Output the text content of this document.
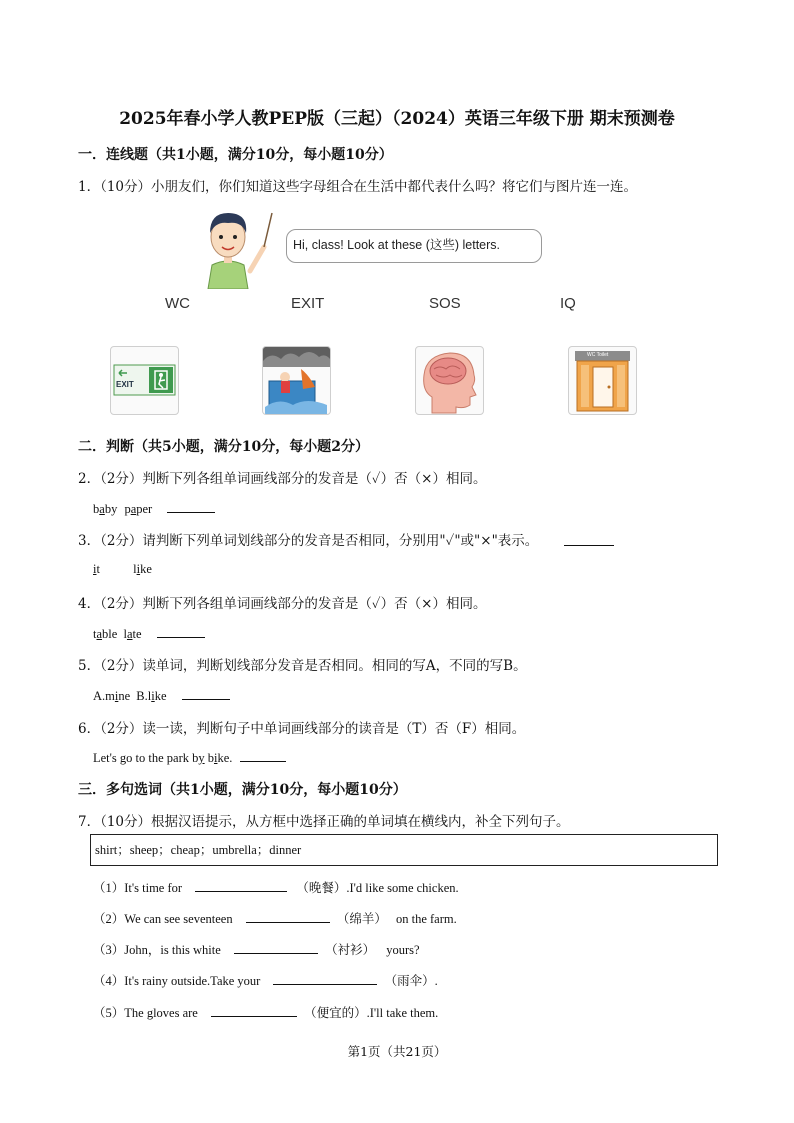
2025年春小学人教PEP版（三起）（2024）英语三年级下册 期末预测卷
一．连线题（共1小题，满分10分，每小题10分）
1．（10分）小朋友们，你们知道这些字母组合在生活中都代表什么吗？将它们与图片连一连。
Hi, class! Look at these (这些) letters.
WC	EXIT	SOS	IQ
EXIT
WC Toilet
二．判断（共5小题，满分10分，每小题2分）
2．（2分）判断下列各组单词画线部分的发音是（✓）否（×）相同。
baby paper
3．（2分）请判断下列单词划线部分的发音是否相同，分别用"✓"或"×"表示。
it	like
4．（2分）判断下列各组单词画线部分的发音是（✓）否（×）相同。
table late
5．（2分）读单词，判断划线部分发音是否相同。相同的写A，不同的写B。
A.mine B.like
6．（2分）读一读，判断句子中单词画线部分的读音是（T）否（F）相同。
Let's go to the park by bike.
三．多句选词（共1小题，满分10分，每小题10分）
7．（10分）根据汉语提示，从方框中选择正确的单词填在横线内，补全下列句子。
shirt；sheep；cheap；umbrella；dinner
（1）It's time for	（晚餐）.I'd like some chicken.
（2）We can see seventeen	（绵羊） on the farm.
（3）John，is this white	（衬衫） yours?
（4）It's rainy outside.Take your	（雨伞）.
（5）The gloves are	（便宜的）.I'll take them.
第1页（共21页）
